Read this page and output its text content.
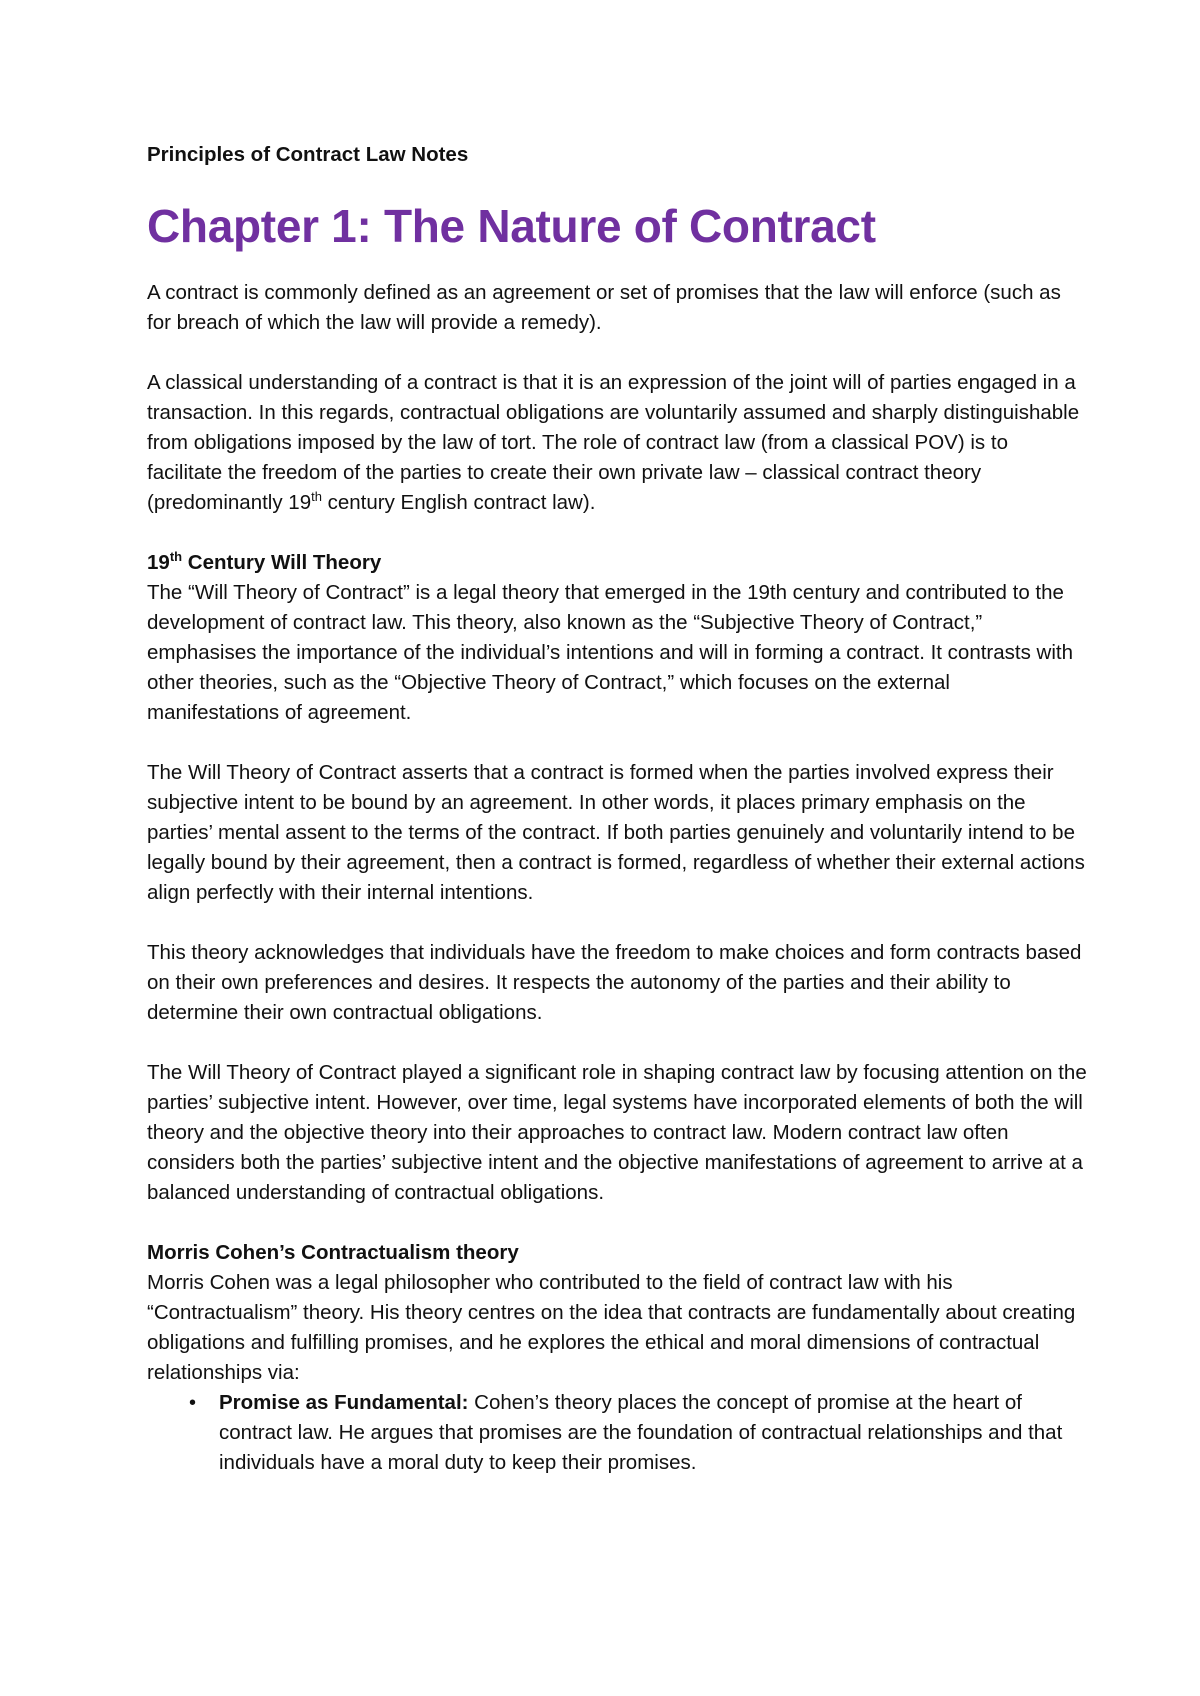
Principles of Contract Law Notes
Chapter 1: The Nature of Contract

A contract is commonly defined as an agreement or set of promises that the law will enforce (such as for breach of which the law will provide a remedy).

A classical understanding of a contract is that it is an expression of the joint will of parties engaged in a transaction. In this regards, contractual obligations are voluntarily assumed and sharply distinguishable from obligations imposed by the law of tort. The role of contract law (from a classical POV) is to facilitate the freedom of the parties to create their own private law – classical contract theory (predominantly 19th century English contract law).

19th Century Will Theory

The “Will Theory of Contract” is a legal theory that emerged in the 19th century and contributed to the development of contract law. This theory, also known as the “Subjective Theory of Contract,” emphasises the importance of the individual’s intentions and will in forming a contract. It contrasts with other theories, such as the “Objective Theory of Contract,” which focuses on the external manifestations of agreement.

The Will Theory of Contract asserts that a contract is formed when the parties involved express their subjective intent to be bound by an agreement. In other words, it places primary emphasis on the parties’ mental assent to the terms of the contract. If both parties genuinely and voluntarily intend to be legally bound by their agreement, then a contract is formed, regardless of whether their external actions align perfectly with their internal intentions.

This theory acknowledges that individuals have the freedom to make choices and form contracts based on their own preferences and desires. It respects the autonomy of the parties and their ability to determine their own contractual obligations.

The Will Theory of Contract played a significant role in shaping contract law by focusing attention on the parties’ subjective intent. However, over time, legal systems have incorporated elements of both the will theory and the objective theory into their approaches to contract law. Modern contract law often considers both the parties’ subjective intent and the objective manifestations of agreement to arrive at a balanced understanding of contractual obligations.

Morris Cohen’s Contractualism theory

Morris Cohen was a legal philosopher who contributed to the field of contract law with his “Contractualism” theory. His theory centres on the idea that contracts are fundamentally about creating obligations and fulfilling promises, and he explores the ethical and moral dimensions of contractual relationships via:

• Promise as Fundamental: Cohen’s theory places the concept of promise at the heart of contract law. He argues that promises are the foundation of contractual relationships and that individuals have a moral duty to keep their promises.
